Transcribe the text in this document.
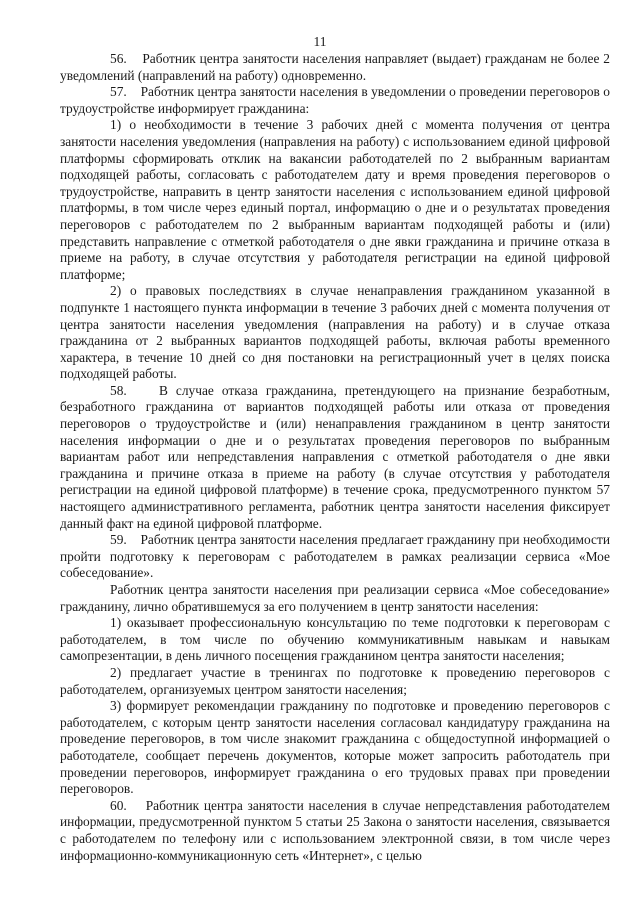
11

56.    Работник центра занятости населения направляет (выдает) гражданам не более 2 уведомлений (направлений на работу) одновременно.

57.    Работник центра занятости населения в уведомлении о проведении переговоров о трудоустройстве информирует гражданина:

1) о необходимости в течение 3 рабочих дней с момента получения от центра занятости населения уведомления (направления на работу) с использованием единой цифровой платформы сформировать отклик на вакансии работодателей по 2 выбранным вариантам подходящей работы, согласовать с работодателем дату и время проведения переговоров о трудоустройстве, направить в центр занятости населения с использованием единой цифровой платформы, в том числе через единый портал, информацию о дне и о результатах проведения переговоров с работодателем по 2 выбранным вариантам подходящей работы и (или) представить направление с отметкой работодателя о дне явки гражданина и причине отказа в приеме на работу, в случае отсутствия у работодателя регистрации на единой цифровой платформе;

2) о правовых последствиях в случае ненаправления гражданином указанной в подпункте 1 настоящего пункта информации в течение 3 рабочих дней с момента получения от центра занятости населения уведомления (направления на работу) и в случае отказа гражданина от 2 выбранных вариантов подходящей работы, включая работы временного характера, в течение 10 дней со дня постановки на регистрационный учет в целях поиска подходящей работы.

58.    В случае отказа гражданина, претендующего на признание безработным, безработного гражданина от вариантов подходящей работы или отказа от проведения переговоров о трудоустройстве и (или) ненаправления гражданином в центр занятости населения информации о дне и о результатах проведения переговоров по выбранным вариантам работ или непредставления направления с отметкой работодателя о дне явки гражданина и причине отказа в приеме на работу (в случае отсутствия у работодателя регистрации на единой цифровой платформе) в течение срока, предусмотренного пунктом 57 настоящего административного регламента, работник центра занятости населения фиксирует данный факт на единой цифровой платформе.

59.    Работник центра занятости населения предлагает гражданину при необходимости пройти подготовку к переговорам с работодателем в рамках реализации сервиса «Мое собеседование».

Работник центра занятости населения при реализации сервиса «Мое собеседование» гражданину, лично обратившемуся за его получением в центр занятости населения:

1) оказывает профессиональную консультацию по теме подготовки к переговорам с работодателем, в том числе по обучению коммуникативным навыкам и навыкам самопрезентации, в день личного посещения гражданином центра занятости населения;

2) предлагает участие в тренингах по подготовке к проведению переговоров с работодателем, организуемых центром занятости населения;

3) формирует рекомендации гражданину по подготовке и проведению переговоров с работодателем, с которым центр занятости населения согласовал кандидатуру гражданина на проведение переговоров, в том числе знакомит гражданина с общедоступной информацией о работодателе, сообщает перечень документов, которые может запросить работодатель при проведении переговоров, информирует гражданина о его трудовых правах при проведении переговоров.

60.    Работник центра занятости населения в случае непредставления работодателем информации, предусмотренной пунктом 5 статьи 25 Закона о занятости населения, связывается с работодателем по телефону или с использованием электронной связи, в том числе через информационно-коммуникационную сеть «Интернет», с целью
